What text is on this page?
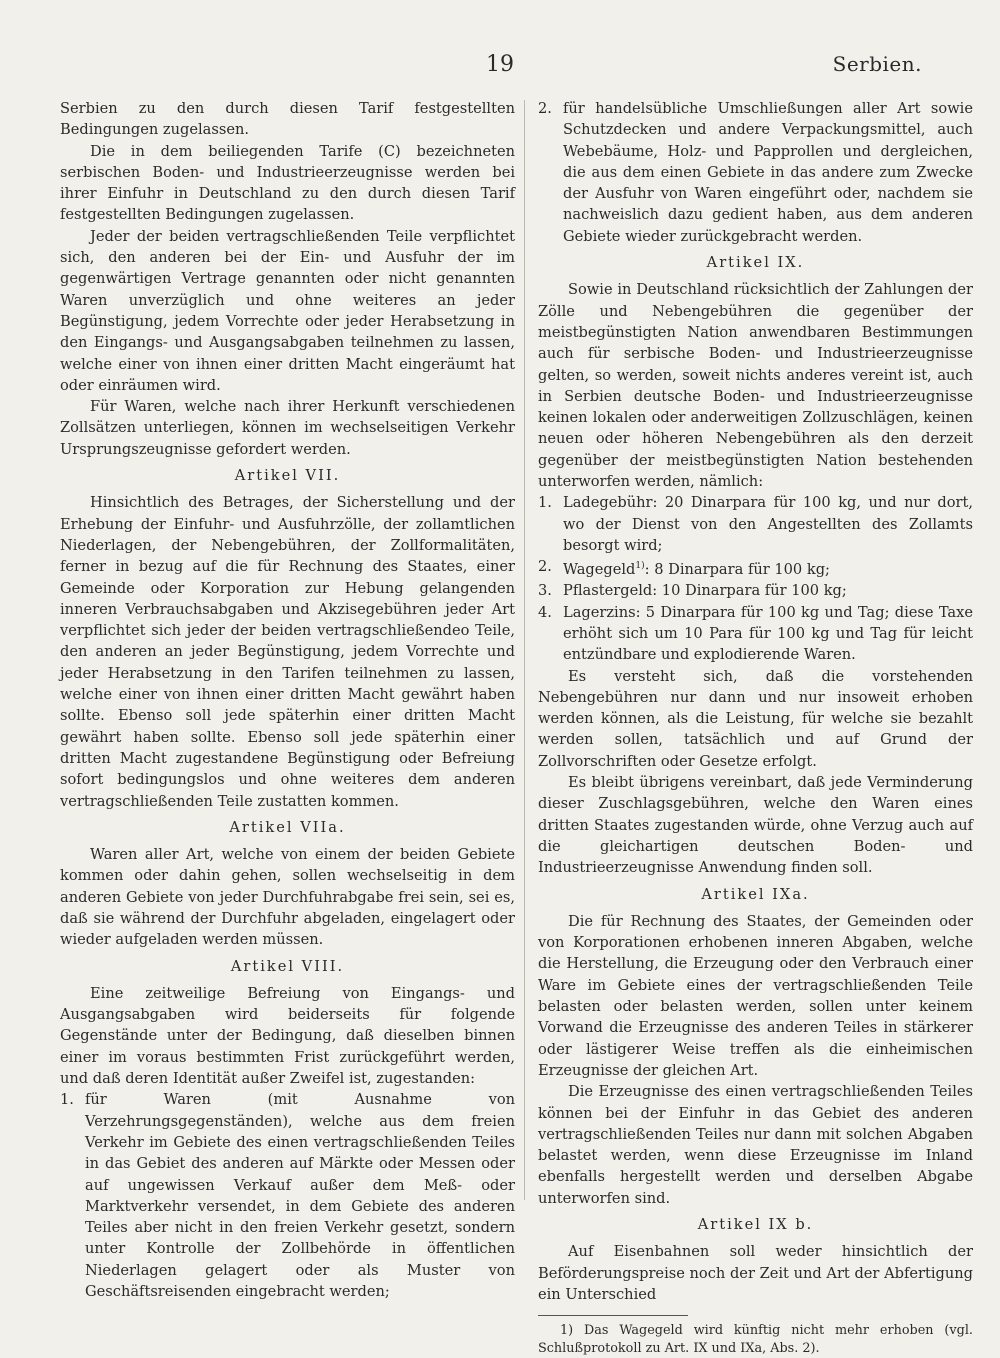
19	Serbien.

Serbien zu den durch diesen Tarif festgestellten Bedingungen zugelassen.

Die in dem beiliegenden Tarife (C) bezeichneten serbischen Boden- und Industrieerzeugnisse werden bei ihrer Einfuhr in Deutschland zu den durch diesen Tarif festgestellten Bedingungen zugelassen.

Jeder der beiden vertragschließenden Teile verpflichtet sich, den anderen bei der Ein- und Ausfuhr der im gegenwärtigen Vertrage genannten oder nicht genannten Waren unverzüglich und ohne weiteres an jeder Begünstigung, jedem Vorrechte oder jeder Herabsetzung in den Eingangs- und Ausgangsabgaben teilnehmen zu lassen, welche einer von ihnen einer dritten Macht eingeräumt hat oder einräumen wird.

Für Waren, welche nach ihrer Herkunft verschiedenen Zollsätzen unterliegen, können im wechselseitigen Verkehr Ursprungszeugnisse gefordert werden.

Artikel VII.

Hinsichtlich des Betrages, der Sicherstellung und der Erhebung der Einfuhr- und Ausfuhrzölle, der zollamtlichen Niederlagen, der Nebengebühren, der Zollformalitäten, ferner in bezug auf die für Rechnung des Staates, einer Gemeinde oder Korporation zur Hebung gelangenden inneren Verbrauchsabgaben und Akzisegebühren jeder Art verpflichtet sich jeder der beiden vertragschließendeo Teile, den anderen an jeder Begünstigung, jedem Vorrechte und jeder Herabsetzung in den Tarifen teilnehmen zu lassen, welche einer von ihnen einer dritten Macht gewährt haben sollte. Ebenso soll jede späterhin einer dritten Macht gewährt haben sollte. Ebenso soll jede späterhin einer dritten Macht zugestandene Begünstigung oder Befreiung sofort bedingungslos und ohne weiteres dem anderen vertragschließenden Teile zustatten kommen.

Artikel VIIa.

Waren aller Art, welche von einem der beiden Gebiete kommen oder dahin gehen, sollen wechselseitig in dem anderen Gebiete von jeder Durchfuhrabgabe frei sein, sei es, daß sie während der Durchfuhr abgeladen, eingelagert oder wieder aufgeladen werden müssen.

Artikel VIII.

Eine zeitweilige Befreiung von Eingangs- und Ausgangsabgaben wird beiderseits für folgende Gegenstände unter der Bedingung, daß dieselben binnen einer im voraus bestimmten Frist zurückgeführt werden, und daß deren Identität außer Zweifel ist, zugestanden:

1. für Waren (mit Ausnahme von Verzehrungsgegenständen), welche aus dem freien Verkehr im Gebiete des einen vertragschließenden Teiles in das Gebiet des anderen auf Märkte oder Messen oder auf ungewissen Verkauf außer dem Meß- oder Marktverkehr versendet, in dem Gebiete des anderen Teiles aber nicht in den freien Verkehr gesetzt, sondern unter Kontrolle der Zollbehörde in öffentlichen Niederlagen gelagert oder als Muster von Geschäftsreisenden eingebracht werden;
2. für handelsübliche Umschließungen aller Art sowie Schutzdecken und andere Verpackungsmittel, auch Webebäume, Holz- und Papprollen und dergleichen, die aus dem einen Gebiete in das andere zum Zwecke der Ausfuhr von Waren eingeführt oder, nachdem sie nachweislich dazu gedient haben, aus dem anderen Gebiete wieder zurückgebracht werden.
Artikel IX.

Sowie in Deutschland rücksichtlich der Zahlungen der Zölle und Nebengebühren die gegenüber der meistbegünstigten Nation anwendbaren Bestimmungen auch für serbische Boden- und Industrieerzeugnisse gelten, so werden, soweit nichts anderes vereint ist, auch in Serbien deutsche Boden- und Industrieerzeugnisse keinen lokalen oder anderweitigen Zollzuschlägen, keinen neuen oder höheren Nebengebühren als den derzeit gegenüber der meistbegünstigten Nation bestehenden unterworfen werden, nämlich:

1. Ladegebühr: 20 Dinarpara für 100 kg, und nur dort, wo der Dienst von den Angestellten des Zollamts besorgt wird;
2. Wagegeld$^{1)}$: 8 Dinarpara für 100 kg;
3. Pflastergeld: 10 Dinarpara für 100 kg;
4. Lagerzins: 5 Dinarpara für 100 kg und Tag; diese Taxe erhöht sich um 10 Para für 100 kg und Tag für leicht entzündbare und explodierende Waren.

Es versteht sich, daß die vorstehenden Nebengebühren nur dann und nur insoweit erhoben werden können, als die Leistung, für welche sie bezahlt werden sollen, tatsächlich und auf Grund der Zollvorschriften oder Gesetze erfolgt.

Es bleibt übrigens vereinbart, daß jede Verminderung dieser Zuschlagsgebühren, welche den Waren eines dritten Staates zugestanden würde, ohne Verzug auch auf die gleichartigen deutschen Boden- und Industrieerzeugnisse Anwendung finden soll.

Artikel IXa.

Die für Rechnung des Staates, der Gemeinden oder von Korporationen erhobenen inneren Abgaben, welche die Herstellung, die Erzeugung oder den Verbrauch einer Ware im Gebiete eines der vertragschließenden Teile belasten oder belasten werden, sollen unter keinem Vorwand die Erzeugnisse des anderen Teiles in stärkerer oder lästigerer Weise treffen als die einheimischen Erzeugnisse der gleichen Art.

Die Erzeugnisse des einen vertragschließenden Teiles können bei der Einfuhr in das Gebiet des anderen vertragschließenden Teiles nur dann mit solchen Abgaben belastet werden, wenn diese Erzeugnisse im Inland ebenfalls hergestellt werden und derselben Abgabe unterworfen sind.

Artikel IX b.

Auf Eisenbahnen soll weder hinsichtlich der Beförderungspreise noch der Zeit und Art der Abfertigung ein Unterschied

1) Das Wagegeld wird künftig nicht mehr erhoben (vgl. Schlußprotokoll zu Art. IX und IXa, Abs. 2).
